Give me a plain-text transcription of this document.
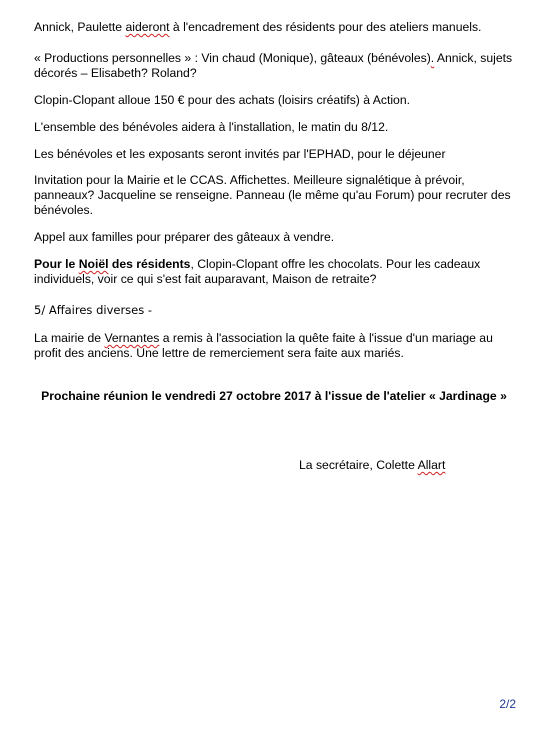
Annick, Paulette aideront à l'encadrement des résidents pour des ateliers manuels.
« Productions personnelles » : Vin chaud (Monique), gâteaux (bénévoles). Annick, sujets
décorés – Elisabeth? Roland?
Clopin-Clopant alloue 150 € pour des achats (loisirs créatifs) à Action.
L'ensemble des bénévoles aidera à l'installation, le matin du 8/12.
Les bénévoles et les exposants seront invités par l'EPHAD, pour le déjeuner
Invitation pour la Mairie et le CCAS. Affichettes. Meilleure signalétique à prévoir,
panneaux? Jacqueline se renseigne. Panneau (le même qu'au Forum) pour recruter des
bénévoles.
Appel aux familles pour préparer des gâteaux à vendre.
Pour le Noiël des résidents, Clopin-Clopant offre les chocolats. Pour les cadeaux
individuels, voir ce qui s'est fait auparavant, Maison de retraite?
5/ Affaires diverses -
La mairie de Vernantes a remis à l'association la quête faite à l'issue d'un mariage au
profit des anciens. Une lettre de remerciement sera faite aux mariés.
Prochaine réunion le vendredi 27 octobre 2017 à l'issue de l'atelier « Jardinage »
La secrétaire, Colette Allart
2/2
